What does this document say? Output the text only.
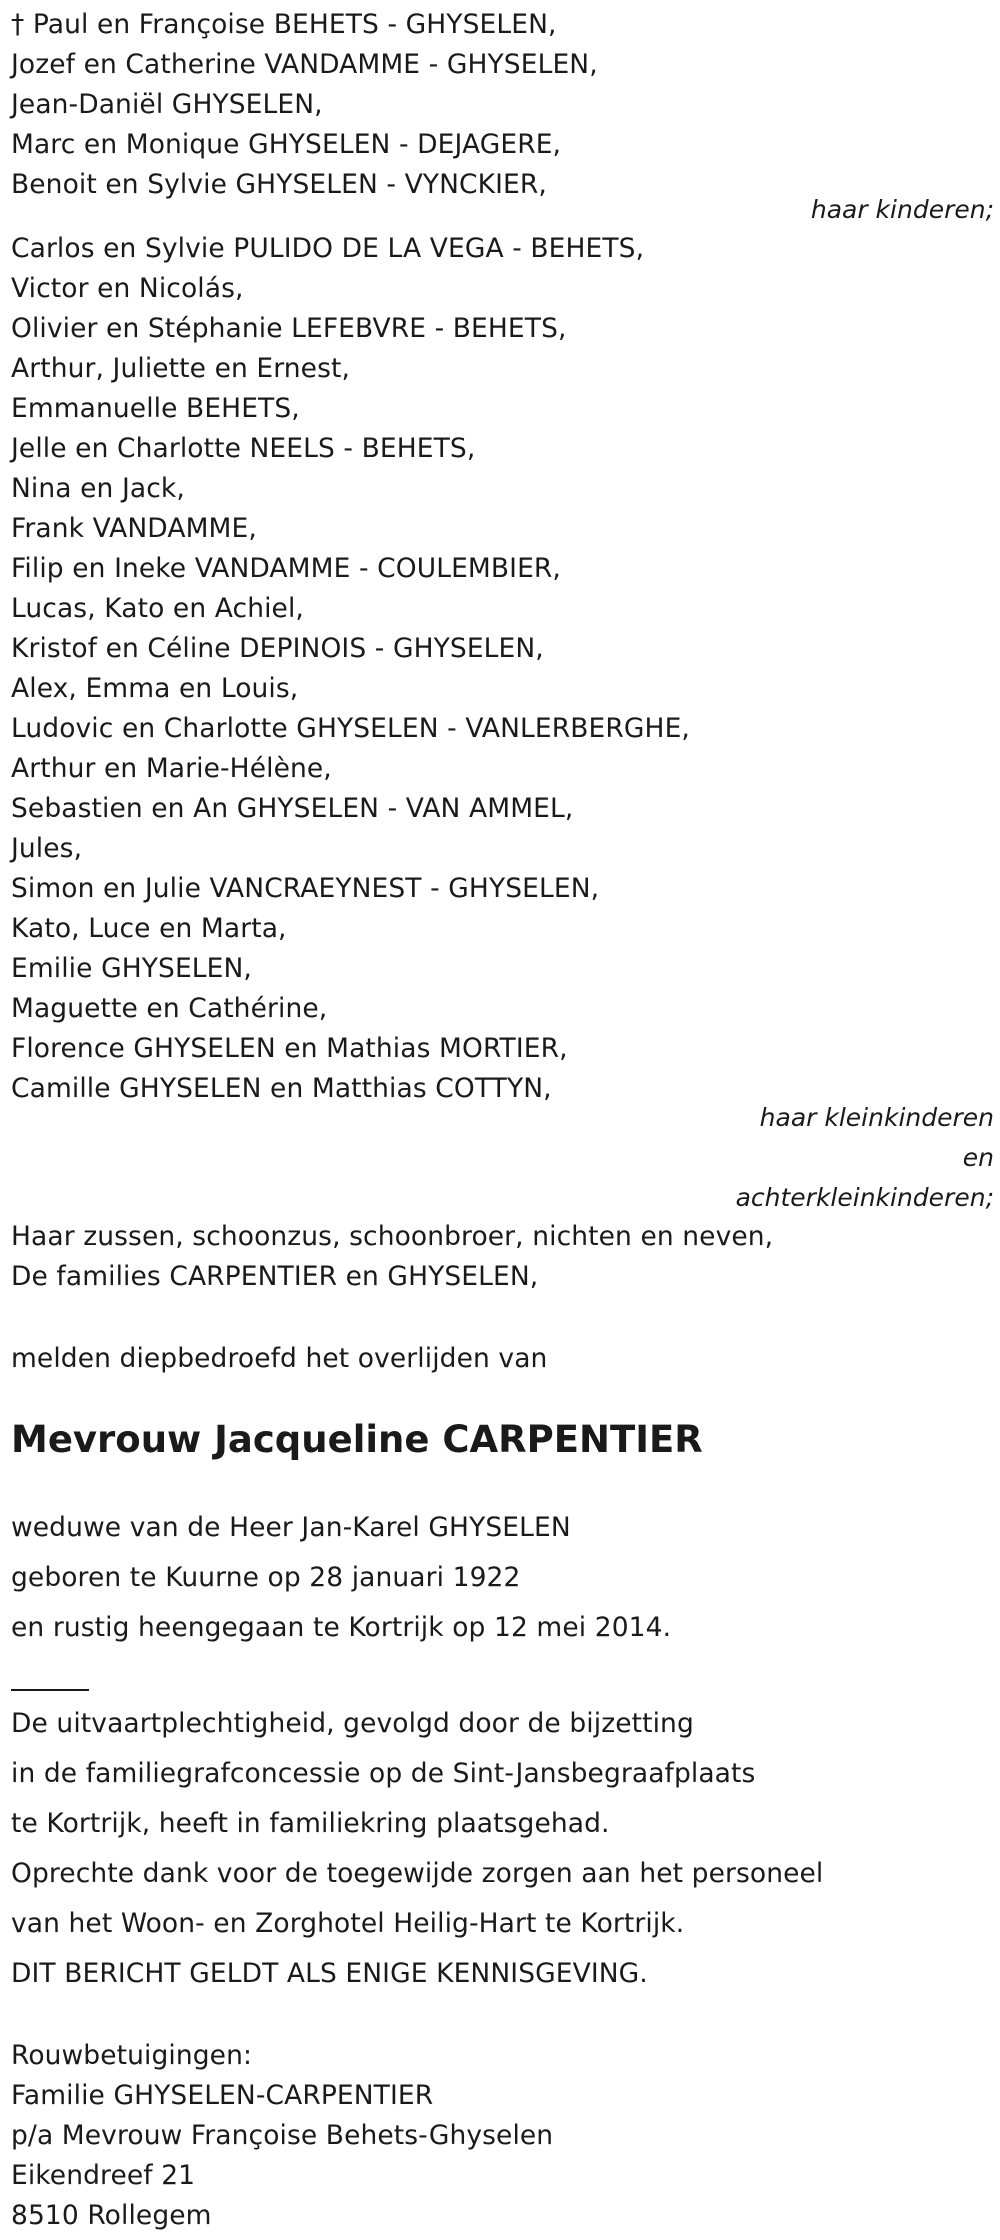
† Paul en Françoise BEHETS - GHYSELEN,
Jozef en Catherine VANDAMME - GHYSELEN,
Jean-Daniël GHYSELEN,
Marc en Monique GHYSELEN - DEJAGERE,
Benoit en Sylvie GHYSELEN - VYNCKIER,
haar kinderen;
Carlos en Sylvie PULIDO DE LA VEGA - BEHETS,
Victor en Nicolás,
Olivier en Stéphanie LEFEBVRE - BEHETS,
Arthur, Juliette en Ernest,
Emmanuelle BEHETS,
Jelle en Charlotte NEELS - BEHETS,
Nina en Jack,
Frank VANDAMME,
Filip en Ineke VANDAMME - COULEMBIER,
Lucas, Kato en Achiel,
Kristof en Céline DEPINOIS - GHYSELEN,
Alex, Emma en Louis,
Ludovic en Charlotte GHYSELEN - VANLERBERGHE,
Arthur en Marie-Hélène,
Sebastien en An GHYSELEN - VAN AMMEL,
Jules,
Simon en Julie VANCRAEYNEST - GHYSELEN,
Kato, Luce en Marta,
Emilie GHYSELEN,
Maguette en Cathérine,
Florence GHYSELEN en Mathias MORTIER,
Camille GHYSELEN en Matthias COTTYN,
haar kleinkinderen
en
achterkleinkinderen;
Haar zussen, schoonzus, schoonbroer, nichten en neven,
De families CARPENTIER en GHYSELEN,
melden diepbedroefd het overlijden van
Mevrouw Jacqueline CARPENTIER
weduwe van de Heer Jan-Karel GHYSELEN
geboren te Kuurne op 28 januari 1922
en rustig heengegaan te Kortrijk op 12 mei 2014.
De uitvaartplechtigheid, gevolgd door de bijzetting
in de familiegrafconcessie op de Sint-Jansbegraafplaats
te Kortrijk, heeft in familiekring plaatsgehad.
Oprechte dank voor de toegewijde zorgen aan het personeel
van het Woon- en Zorghotel Heilig-Hart te Kortrijk.
DIT BERICHT GELDT ALS ENIGE KENNISGEVING.
Rouwbetuigingen:
Familie GHYSELEN-CARPENTIER
p/a Mevrouw Françoise Behets-Ghyselen
Eikendreef 21
8510 Rollegem
